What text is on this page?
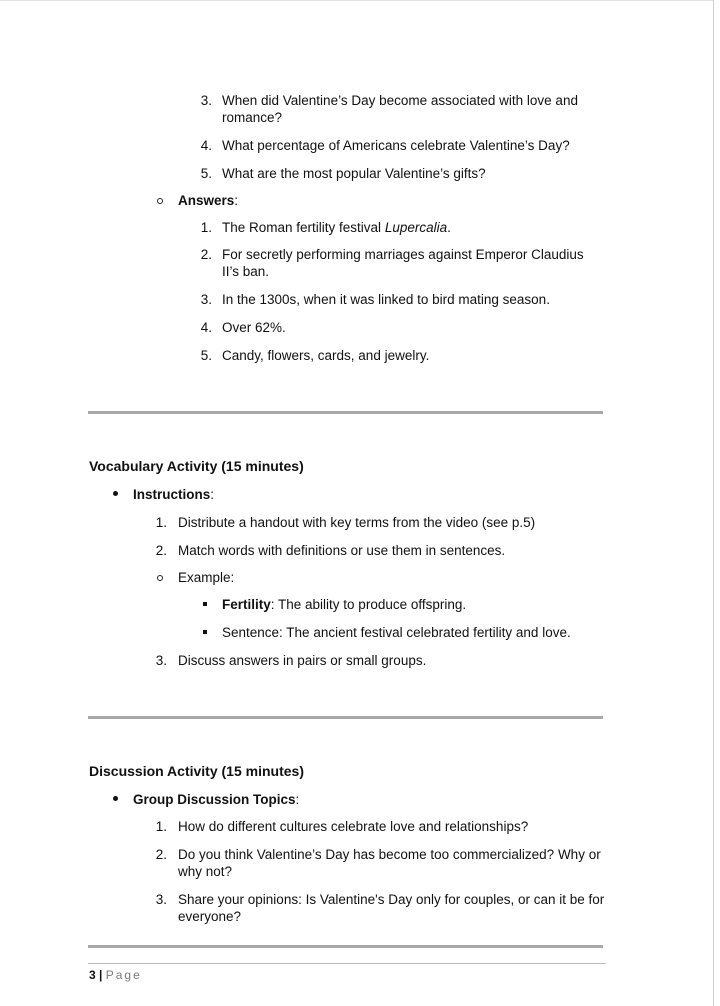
3. When did Valentine’s Day become associated with love and
romance?
4. What percentage of Americans celebrate Valentine’s Day?
5. What are the most popular Valentine’s gifts?
Answers:
1. The Roman fertility festival Lupercalia.
2. For secretly performing marriages against Emperor Claudius
II’s ban.
3. In the 1300s, when it was linked to bird mating season.
4. Over 62%.
5. Candy, flowers, cards, and jewelry.
Vocabulary Activity (15 minutes)
Instructions:
1. Distribute a handout with key terms from the video (see p.5)
2. Match words with definitions or use them in sentences.
Example:
Fertility: The ability to produce offspring.
Sentence: The ancient festival celebrated fertility and love.
3. Discuss answers in pairs or small groups.
Discussion Activity (15 minutes)
Group Discussion Topics:
1. How do different cultures celebrate love and relationships?
2. Do you think Valentine’s Day has become too commercialized? Why or
why not?
3. Share your opinions: Is Valentine's Day only for couples, or can it be for
everyone?
3 | Page
